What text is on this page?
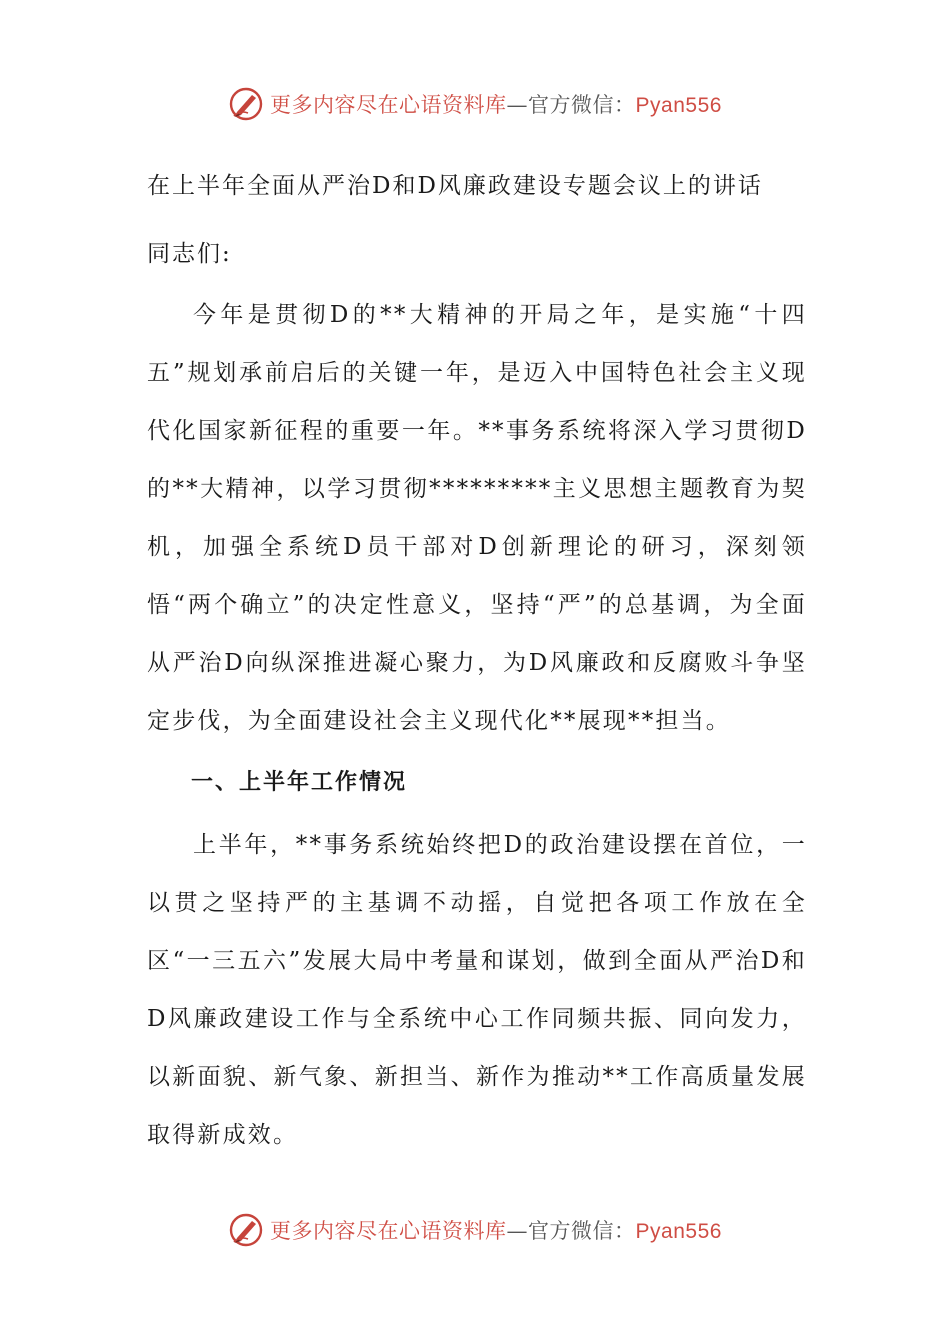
更多内容尽在心语资料库—官方微信：Pyan556
在上半年全面从严治D和D风廉政建设专题会议上的讲话

同志们:

今年是贯彻D的**大精神的开局之年，是实施“十四五”规划承前启后的关键一年，是迈入中国特色社会主义现代化国家新征程的重要一年。**事务系统将深入学习贯彻D的**大精神，以学习贯彻*********主义思想主题教育为契机，加强全系统D员干部对D创新理论的研习，深刻领悟“两个确立”的决定性意义，坚持“严”的总基调，为全面从严治D向纵深推进凝心聚力，为D风廉政和反腐败斗争坚定步伐，为全面建设社会主义现代化**展现**担当。

一、上半年工作情况

上半年，**事务系统始终把D的政治建设摆在首位，一以贯之坚持严的主基调不动摇，自觉把各项工作放在全区“一三五六”发展大局中考量和谋划，做到全面从严治D和D风廉政建设工作与全系统中心工作同频共振、同向发力，以新面貌、新气象、新担当、新作为推动**工作高质量发展取得新成效。

更多内容尽在心语资料库—官方微信：Pyan556
